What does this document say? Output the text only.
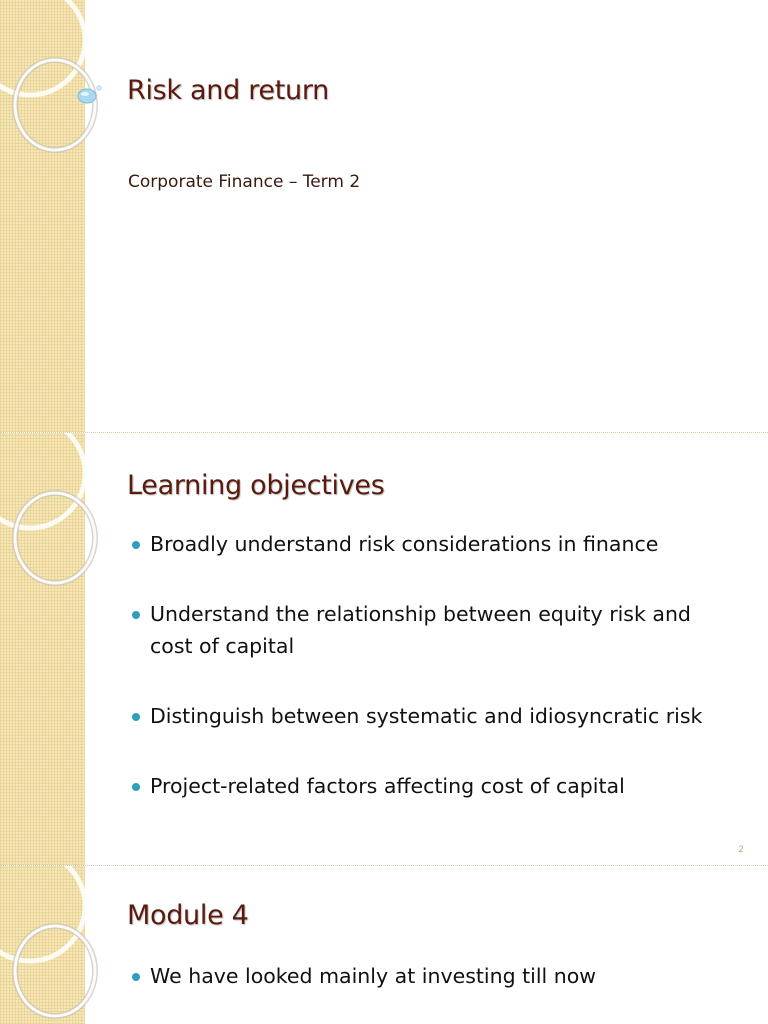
Risk and return
Corporate Finance – Term 2
Learning objectives
Broadly understand risk considerations in finance
Understand the relationship between equity risk and cost of capital
Distinguish between systematic and idiosyncratic risk
Project-related factors affecting cost of capital
2
Module 4
We have looked mainly at investing till now
